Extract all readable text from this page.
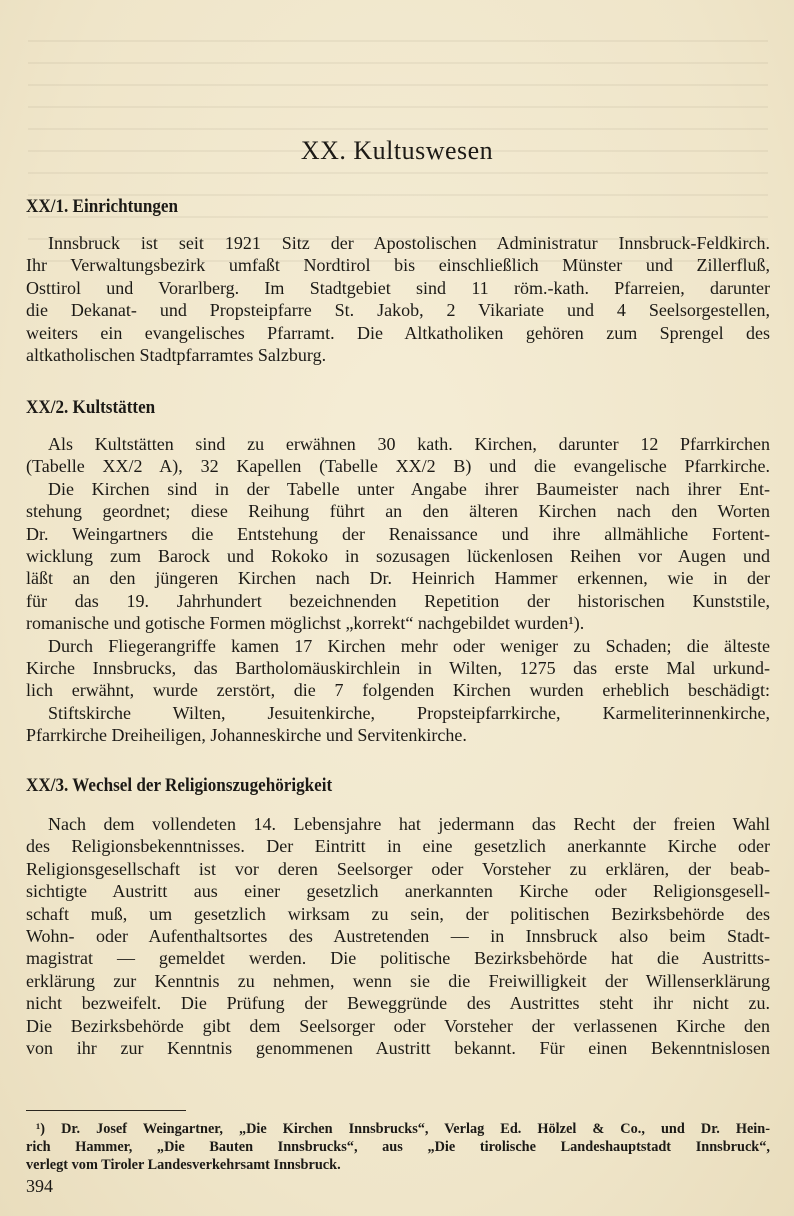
XX. Kultuswesen
XX/1. Einrichtungen
Innsbruck ist seit 1921 Sitz der Apostolischen Administratur Innsbruck-Feldkirch.
Ihr Verwaltungsbezirk umfaßt Nordtirol bis einschließlich Münster und Zillerfluß,
Osttirol und Vorarlberg. Im Stadtgebiet sind 11 röm.-kath. Pfarreien, darunter
die Dekanat- und Propsteipfarre St. Jakob, 2 Vikariate und 4 Seelsorgestellen,
weiters ein evangelisches Pfarramt. Die Altkatholiken gehören zum Sprengel des
altkatholischen Stadtpfarramtes Salzburg.
XX/2. Kultstätten
Als Kultstätten sind zu erwähnen 30 kath. Kirchen, darunter 12 Pfarrkirchen
(Tabelle XX/2 A), 32 Kapellen (Tabelle XX/2 B) und die evangelische Pfarrkirche.
Die Kirchen sind in der Tabelle unter Angabe ihrer Baumeister nach ihrer Ent-
stehung geordnet; diese Reihung führt an den älteren Kirchen nach den Worten
Dr. Weingartners die Entstehung der Renaissance und ihre allmähliche Fortent-
wicklung zum Barock und Rokoko in sozusagen lückenlosen Reihen vor Augen und
läßt an den jüngeren Kirchen nach Dr. Heinrich Hammer erkennen, wie in der
für das 19. Jahrhundert bezeichnenden Repetition der historischen Kunststile,
romanische und gotische Formen möglichst „korrekt“ nachgebildet wurden¹).
Durch Fliegerangriffe kamen 17 Kirchen mehr oder weniger zu Schaden; die älteste
Kirche Innsbrucks, das Bartholomäuskirchlein in Wilten, 1275 das erste Mal urkund-
lich erwähnt, wurde zerstört, die 7 folgenden Kirchen wurden erheblich beschädigt:
Stiftskirche Wilten, Jesuitenkirche, Propsteipfarrkirche, Karmeliterinnenkirche,
Pfarrkirche Dreiheiligen, Johanneskirche und Servitenkirche.
XX/3. Wechsel der Religionszugehörigkeit
Nach dem vollendeten 14. Lebensjahre hat jedermann das Recht der freien Wahl
des Religionsbekenntnisses. Der Eintritt in eine gesetzlich anerkannte Kirche oder
Religionsgesellschaft ist vor deren Seelsorger oder Vorsteher zu erklären, der beab-
sichtigte Austritt aus einer gesetzlich anerkannten Kirche oder Religionsgesell-
schaft muß, um gesetzlich wirksam zu sein, der politischen Bezirksbehörde des
Wohn- oder Aufenthaltsortes des Austretenden — in Innsbruck also beim Stadt-
magistrat — gemeldet werden. Die politische Bezirksbehörde hat die Austritts-
erklärung zur Kenntnis zu nehmen, wenn sie die Freiwilligkeit der Willenserklärung
nicht bezweifelt. Die Prüfung der Beweggründe des Austrittes steht ihr nicht zu.
Die Bezirksbehörde gibt dem Seelsorger oder Vorsteher der verlassenen Kirche den
von ihr zur Kenntnis genommenen Austritt bekannt. Für einen Bekenntnislosen
¹) Dr. Josef Weingartner, „Die Kirchen Innsbrucks“, Verlag Ed. Hölzel & Co., und Dr. Hein-
rich Hammer, „Die Bauten Innsbrucks“, aus „Die tirolische Landeshauptstadt Innsbruck“,
verlegt vom Tiroler Landesverkehrsamt Innsbruck.
394
